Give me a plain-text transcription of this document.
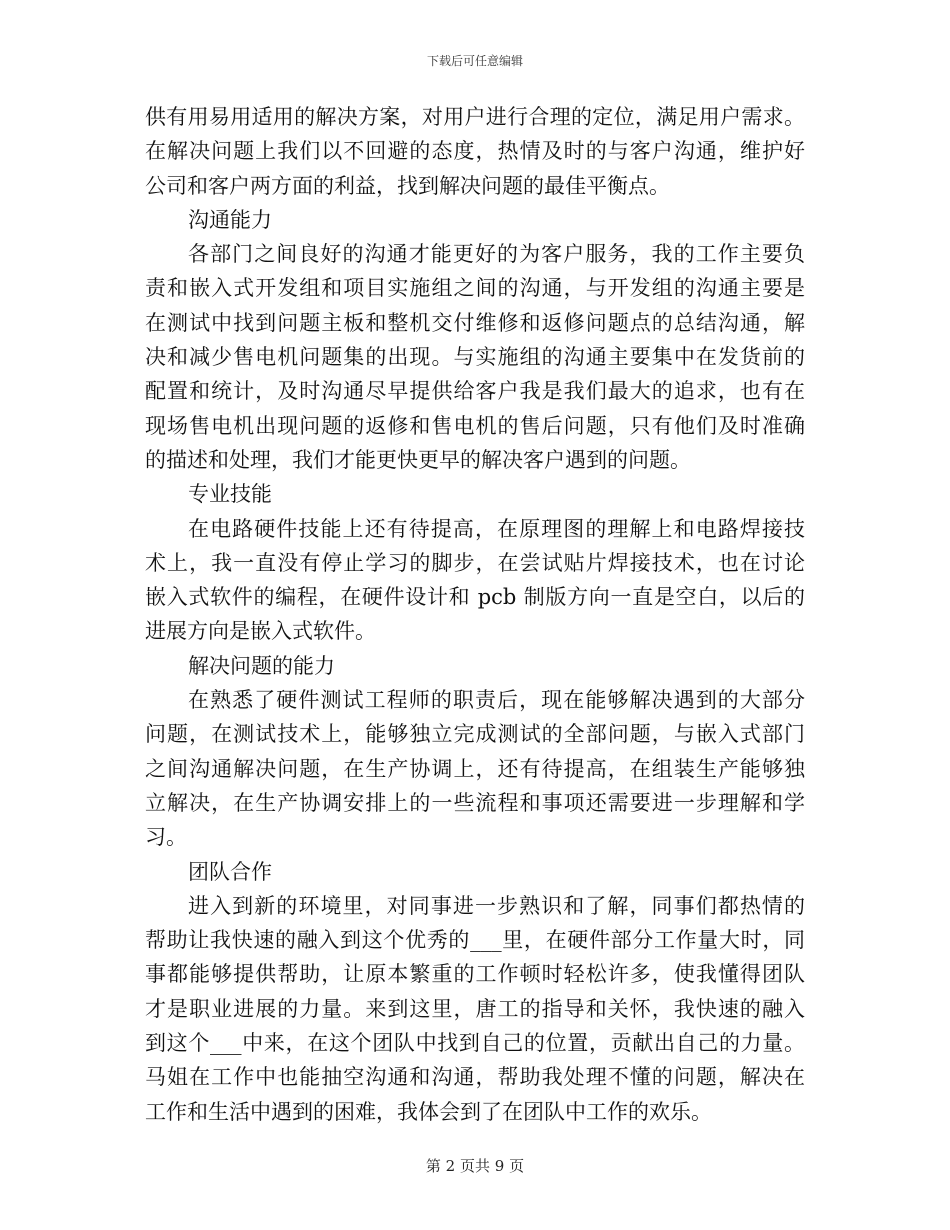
下载后可任意编辑
供有用易用适用的解决方案，对用户进行合理的定位，满足用户需求。
在解决问题上我们以不回避的态度，热情及时的与客户沟通，维护好
公司和客户两方面的利益，找到解决问题的最佳平衡点。
沟通能力
各部门之间良好的沟通才能更好的为客户服务，我的工作主要负
责和嵌入式开发组和项目实施组之间的沟通，与开发组的沟通主要是
在测试中找到问题主板和整机交付维修和返修问题点的总结沟通，解
决和减少售电机问题集的出现。与实施组的沟通主要集中在发货前的
配置和统计，及时沟通尽早提供给客户我是我们最大的追求，也有在
现场售电机出现问题的返修和售电机的售后问题，只有他们及时准确
的描述和处理，我们才能更快更早的解决客户遇到的问题。
专业技能
在电路硬件技能上还有待提高，在原理图的理解上和电路焊接技
术上，我一直没有停止学习的脚步，在尝试贴片焊接技术，也在讨论
嵌入式软件的编程，在硬件设计和 pcb 制版方向一直是空白，以后的
进展方向是嵌入式软件。
解决问题的能力
在熟悉了硬件测试工程师的职责后，现在能够解决遇到的大部分
问题，在测试技术上，能够独立完成测试的全部问题，与嵌入式部门
之间沟通解决问题，在生产协调上，还有待提高，在组装生产能够独
立解决，在生产协调安排上的一些流程和事项还需要进一步理解和学
习。
团队合作
进入到新的环境里，对同事进一步熟识和了解，同事们都热情的
帮助让我快速的融入到这个优秀的___里，在硬件部分工作量大时，同
事都能够提供帮助，让原本繁重的工作顿时轻松许多，使我懂得团队
才是职业进展的力量。来到这里，唐工的指导和关怀，我快速的融入
到这个___中来，在这个团队中找到自己的位置，贡献出自己的力量。
马姐在工作中也能抽空沟通和沟通，帮助我处理不懂的问题，解决在
工作和生活中遇到的困难，我体会到了在团队中工作的欢乐。
第 2 页共 9 页
